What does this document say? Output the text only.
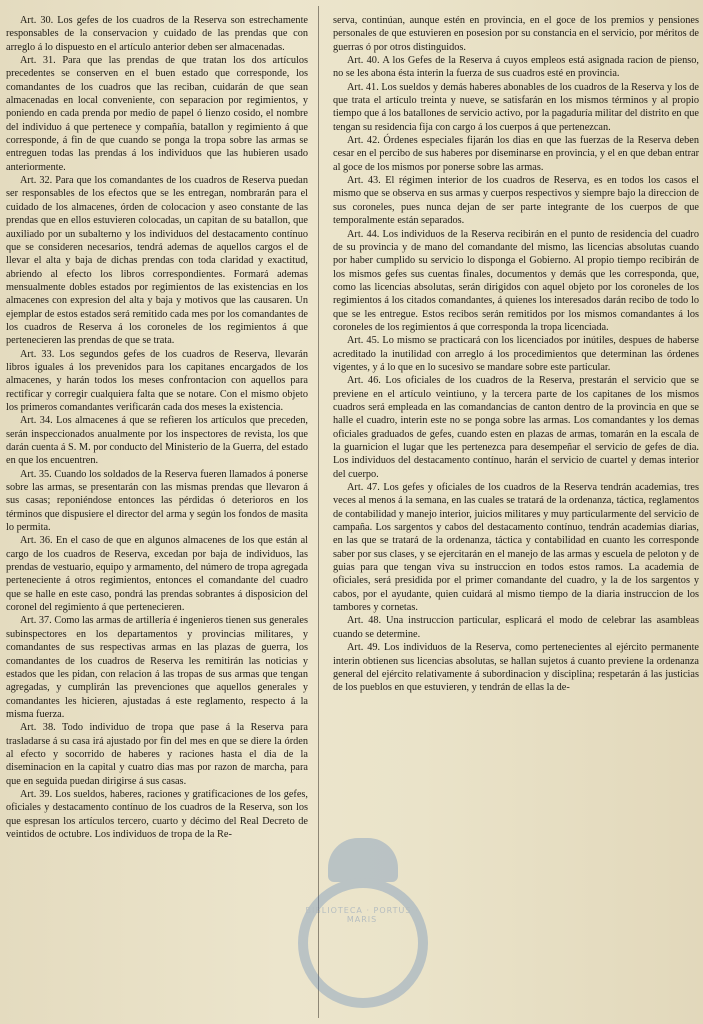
Art. 30. Los gefes de los cuadros de la Reserva son estrechamente responsables de la conservacion y cuidado de las prendas que con arreglo á lo dispuesto en el artículo anterior deben ser almacenadas.

Art. 31. Para que las prendas de que tratan los dos artículos precedentes se conserven en el buen estado que corresponde, los comandantes de los cuadros que las reciban, cuidarán de que sean almacenadas en local conveniente, con separacion por regimientos, y poniendo en cada prenda por medio de papel ó lienzo cosido, el nombre del individuo á que pertenece y compañía, batallon y regimiento á que corresponde, á fin de que cuando se ponga la tropa sobre las armas se entreguen todas las prendas á los individuos que las hubieren usado anteriormente.

Art. 32. Para que los comandantes de los cuadros de Reserva puedan ser responsables de los efectos que se les entregan, nombrarán para el cuidado de los almacenes, órden de colocacion y aseo constante de las prendas que en ellos estuvieren colocadas, un capitan de su batallon, que auxiliado por un subalterno y los individuos del destacamento contínuo que se consideren necesarios, tendrá ademas de aquellos cargos el de llevar el alta y baja de dichas prendas con toda claridad y exactitud, abriendo al efecto los libros correspondientes. Formará ademas mensualmente dobles estados por regimientos de las existencias en los almacenes con expresion del alta y baja y motivos que las causaren. Un ejemplar de estos estados será remitido cada mes por los comandantes de los cuadros de Reserva á los coroneles de los regimientos á que pertenecieren las prendas de que se trata.

Art. 33. Los segundos gefes de los cuadros de Reserva, llevarán libros iguales á los prevenidos para los capitanes encargados de los almacenes, y harán todos los meses confrontacion con aquellos para rectificar y corregir cualquiera falta que se notare. Con el mismo objeto los primeros comandantes verificarán cada dos meses la existencia.

Art. 34. Los almacenes á que se refieren los artículos que preceden, serán inspeccionados anualmente por los inspectores de revista, los que darán cuenta á S. M. por conducto del Ministerio de la Guerra, del estado en que los encuentren.

Art. 35. Cuando los soldados de la Reserva fueren llamados á ponerse sobre las armas, se presentarán con las mismas prendas que llevaron á sus casas; reponiéndose entonces las pérdidas ó deterioros en los términos que dispusiere el director del arma y según los fondos de masita lo permita.

Art. 36. En el caso de que en algunos almacenes de los que están al cargo de los cuadros de Reserva, excedan por baja de individuos, las prendas de vestuario, equipo y armamento, del número de tropa agregada perteneciente á otros regimientos, entonces el comandante del cuadro que se halle en este caso, pondrá las prendas sobrantes á disposicion del coronel del regimiento á que pertenecieren.

Art. 37. Como las armas de artillería é ingenieros tienen sus generales subinspectores en los departamentos y provincias militares, y comandantes de sus respectivas armas en las plazas de guerra, los comandantes de los cuadros de Reserva les remitirán las noticias y estados que les pidan, con relacion á las tropas de sus armas que tengan agregadas, y cumplirán las prevenciones que aquellos generales y comandantes les hicieren, ajustadas á este reglamento, respecto á la misma fuerza.

Art. 38. Todo individuo de tropa que pase á la Reserva para trasladarse á su casa irá ajustado por fin del mes en que se diere la órden al efecto y socorrido de haberes y raciones hasta el dia de la diseminacion en la capital y cuatro dias mas por razon de marcha, para que en seguida puedan dirigirse á sus casas.

Art. 39. Los sueldos, haberes, raciones y gratificaciones de los gefes, oficiales y destacamento contínuo de los cuadros de la Reserva, son los que espresan los artículos tercero, cuarto y décimo del Real Decreto de veintidos de octubre. Los individuos de tropa de la Re-

serva, continúan, aunque estén en provincia, en el goce de los premios y pensiones personales de que estuvieren en posesion por su constancia en el servicio, por méritos de guerras ó por otros distinguidos.

Art. 40. A los Gefes de la Reserva á cuyos empleos está asignada racion de pienso, no se les abona ésta interin la fuerza de sus cuadros esté en provincia.

Art. 41. Los sueldos y demás haberes abonables de los cuadros de la Reserva y los de que trata el artículo treinta y nueve, se satisfarán en los mismos términos y al propio tiempo que á los batallones de servicio activo, por la pagaduría militar del distrito en que tengan su residencia fija con cargo á los cuerpos á que pertenezcan.

Art. 42. Órdenes especiales fijarán los dias en que las fuerzas de la Reserva deben cesar en el percibo de sus haberes por diseminarse en provincia, y el en que deban entrar al goce de los mismos por ponerse sobre las armas.

Art. 43. El régimen interior de los cuadros de Reserva, es en todos los casos el mismo que se observa en sus armas y cuerpos respectivos y siempre bajo la direccion de sus coroneles, pues nunca dejan de ser parte integrante de los cuerpos de que temporalmente están separados.

Art. 44. Los individuos de la Reserva recibirán en el punto de residencia del cuadro de su provincia y de mano del comandante del mismo, las licencias absolutas cuando por haber cumplido su servicio lo disponga el Gobierno. Al propio tiempo recibirán de los mismos gefes sus cuentas finales, documentos y demás que les corresponda, que, como las licencias absolutas, serán dirigidos con aquel objeto por los coroneles de los regimientos á los citados comandantes, á quienes los interesados darán recibo de todo lo que se les entregue. Estos recibos serán remitidos por los mismos comandantes á los coroneles de los regimientos á que corresponda la tropa licenciada.

Art. 45. Lo mismo se practicará con los licenciados por inútiles, despues de haberse acreditado la inutilidad con arreglo á los procedimientos que determinan las órdenes vigentes, y á lo que en lo sucesivo se mandare sobre este particular.

Art. 46. Los oficiales de los cuadros de la Reserva, prestarán el servicio que se previene en el artículo veintiuno, y la tercera parte de los capitanes de los mismos cuadros será empleada en las comandancias de canton dentro de la provincia en que se halle el cuadro, interin este no se ponga sobre las armas. Los comandantes y los demas oficiales graduados de gefes, cuando esten en plazas de armas, tomarán en la escala de la guarnicion el lugar que les pertenezca para desempeñar el servicio de gefes de dia. Los individuos del destacamento contínuo, harán el servicio de cuartel y demas interior del cuerpo.

Art. 47. Los gefes y oficiales de los cuadros de la Reserva tendrán academias, tres veces al menos á la semana, en las cuales se tratará de la ordenanza, táctica, reglamentos de contabilidad y manejo interior, juicios militares y muy particularmente del servicio de campaña. Los sargentos y cabos del destacamento contínuo, tendrán academias diarias, en las que se tratará de la ordenanza, táctica y contabilidad en cuanto les corresponde saber por sus clases, y se ejercitarán en el manejo de las armas y escuela de peloton y de guias para que tengan viva su instruccion en todos estos ramos. La academia de oficiales, será presidida por el primer comandante del cuadro, y la de los sargentos y cabos, por el ayudante, quien cuidará al mismo tiempo de la diaria instruccion de los tambores y cornetas.

Art. 48. Una instruccion particular, esplicará el modo de celebrar las asambleas cuando se determine.

Art. 49. Los individuos de la Reserva, como pertenecientes al ejército permanente interin obtienen sus licencias absolutas, se hallan sujetos á cuanto previene la ordenanza general del ejército relativamente á subordinacion y disciplina; respetarán á las justicias de los pueblos en que estuvieren, y tendrán de ellas la de-

BIBLIOTECA · PORTUS · MARIS
